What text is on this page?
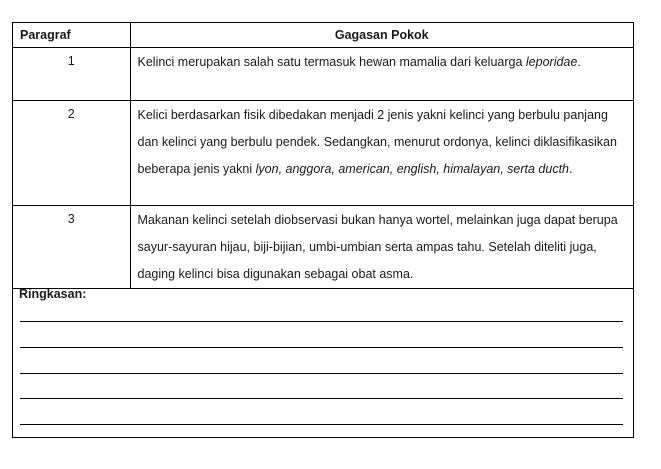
Paragraf	Gagasan Pokok
1	Kelinci merupakan salah satu termasuk hewan mamalia dari keluarga leporidae.
2	Kelici berdasarkan fisik dibedakan menjadi 2 jenis yakni kelinci yang berbulu panjang dan kelinci yang berbulu pendek. Sedangkan, menurut ordonya, kelinci diklasifikasikan beberapa jenis yakni lyon, anggora, american, english, himalayan, serta ducth.
3	Makanan kelinci setelah diobservasi bukan hanya wortel, melainkan juga dapat berupa sayur-sayuran hijau, biji-bijian, umbi-umbian serta ampas tahu. Setelah diteliti juga, daging kelinci bisa digunakan sebagai obat asma.
Ringkasan:
